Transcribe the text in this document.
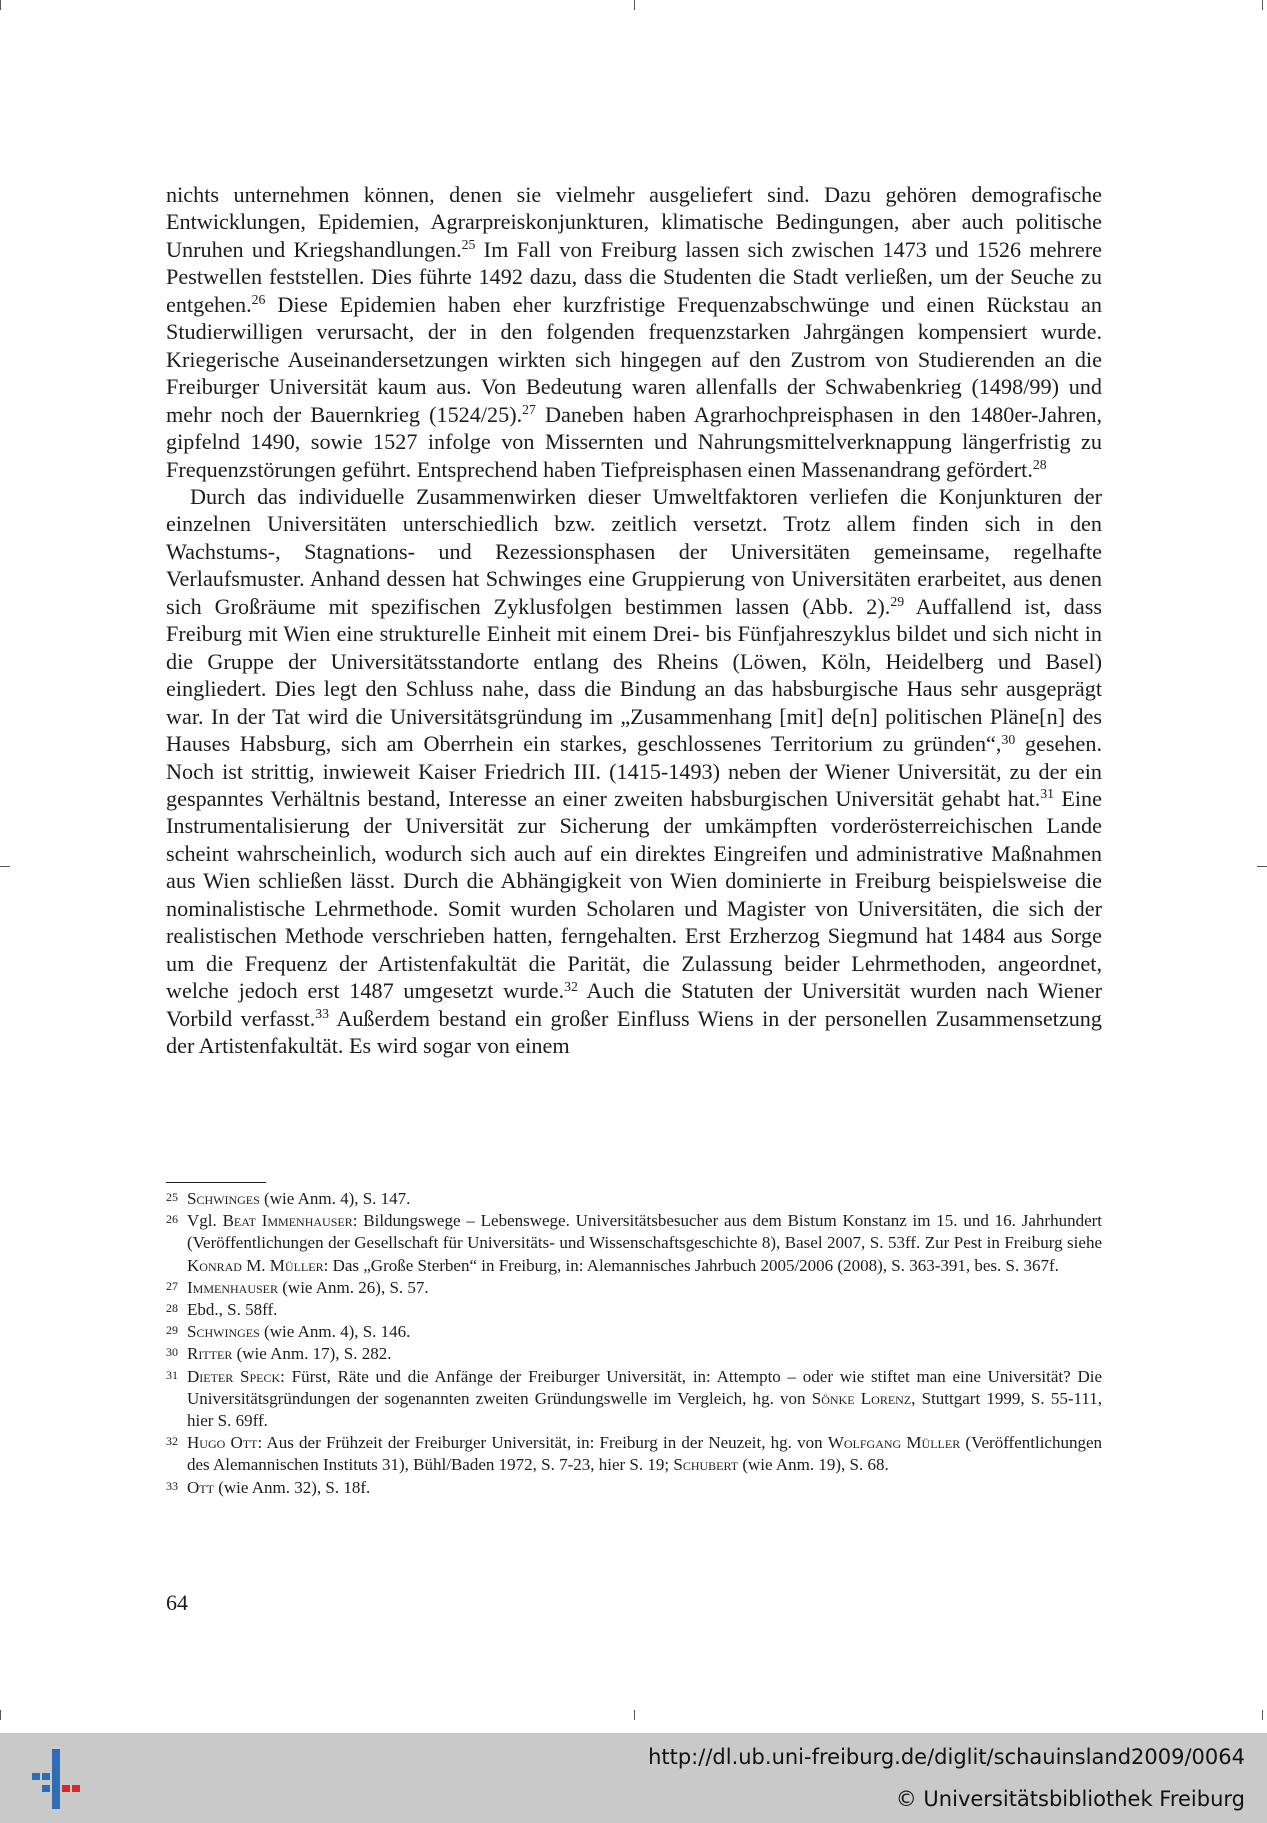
nichts unternehmen können, denen sie vielmehr ausgeliefert sind. Dazu gehören demografische Entwicklungen, Epidemien, Agrarpreiskonjunkturen, klimatische Bedingungen, aber auch politische Unruhen und Kriegshandlungen.$^{25}$ Im Fall von Freiburg lassen sich zwischen 1473 und 1526 mehrere Pestwellen feststellen. Dies führte 1492 dazu, dass die Studenten die Stadt verließen, um der Seuche zu entgehen.$^{26}$ Diese Epidemien haben eher kurzfristige Frequenzabschwünge und einen Rückstau an Studierwilligen verursacht, der in den folgenden frequenzstarken Jahrgängen kompensiert wurde. Kriegerische Auseinandersetzungen wirkten sich hingegen auf den Zustrom von Studierenden an die Freiburger Universität kaum aus. Von Bedeutung waren allenfalls der Schwabenkrieg (1498/99) und mehr noch der Bauernkrieg (1524/25).$^{27}$ Daneben haben Agrarhochpreisphasen in den 1480er-Jahren, gipfelnd 1490, sowie 1527 infolge von Missernten und Nahrungsmittelverknappung längerfristig zu Frequenzstörungen geführt. Entsprechend haben Tiefpreisphasen einen Massenandrang gefördert.$^{28}$

Durch das individuelle Zusammenwirken dieser Umweltfaktoren verliefen die Konjunkturen der einzelnen Universitäten unterschiedlich bzw. zeitlich versetzt. Trotz allem finden sich in den Wachstums-, Stagnations- und Rezessionsphasen der Universitäten gemeinsame, regelhafte Verlaufsmuster. Anhand dessen hat Schwinges eine Gruppierung von Universitäten erarbeitet, aus denen sich Großräume mit spezifischen Zyklusfolgen bestimmen lassen (Abb. 2).$^{29}$ Auffallend ist, dass Freiburg mit Wien eine strukturelle Einheit mit einem Drei- bis Fünfjahreszyklus bildet und sich nicht in die Gruppe der Universitätsstandorte entlang des Rheins (Löwen, Köln, Heidelberg und Basel) eingliedert. Dies legt den Schluss nahe, dass die Bindung an das habsburgische Haus sehr ausgeprägt war. In der Tat wird die Universitätsgründung im „Zusammenhang [mit] de[n] politischen Pläne[n] des Hauses Habsburg, sich am Oberrhein ein starkes, geschlossenes Territorium zu gründen“,$^{30}$ gesehen. Noch ist strittig, inwieweit Kaiser Friedrich III. (1415-1493) neben der Wiener Universität, zu der ein gespanntes Verhältnis bestand, Interesse an einer zweiten habsburgischen Universität gehabt hat.$^{31}$ Eine Instrumentalisierung der Universität zur Sicherung der umkämpften vorderösterreichischen Lande scheint wahrscheinlich, wodurch sich auch auf ein direktes Eingreifen und administrative Maßnahmen aus Wien schließen lässt. Durch die Abhängigkeit von Wien dominierte in Freiburg beispielsweise die nominalistische Lehrmethode. Somit wurden Scholaren und Magister von Universitäten, die sich der realistischen Methode verschrieben hatten, ferngehalten. Erst Erzherzog Siegmund hat 1484 aus Sorge um die Frequenz der Artistenfakultät die Parität, die Zulassung beider Lehrmethoden, angeordnet, welche jedoch erst 1487 umgesetzt wurde.$^{32}$ Auch die Statuten der Universität wurden nach Wiener Vorbild verfasst.$^{33}$ Außerdem bestand ein großer Einfluss Wiens in der personellen Zusammensetzung der Artistenfakultät. Es wird sogar von einem

25 Schwinges (wie Anm. 4), S. 147.
26 Vgl. Beat Immenhauser: Bildungswege – Lebenswege. Universitätsbesucher aus dem Bistum Konstanz im 15. und 16. Jahrhundert (Veröffentlichungen der Gesellschaft für Universitäts- und Wissenschaftsgeschichte 8), Basel 2007, S. 53ff. Zur Pest in Freiburg siehe Konrad M. Müller: Das „Große Sterben“ in Freiburg, in: Alemannisches Jahrbuch 2005/2006 (2008), S. 363-391, bes. S. 367f.
27 Immenhauser (wie Anm. 26), S. 57.
28 Ebd., S. 58ff.
29 Schwinges (wie Anm. 4), S. 146.
30 Ritter (wie Anm. 17), S. 282.
31 Dieter Speck: Fürst, Räte und die Anfänge der Freiburger Universität, in: Attempto – oder wie stiftet man eine Universität? Die Universitätsgründungen der sogenannten zweiten Gründungswelle im Vergleich, hg. von Sönke Lorenz, Stuttgart 1999, S. 55-111, hier S. 69ff.
32 Hugo Ott: Aus der Frühzeit der Freiburger Universität, in: Freiburg in der Neuzeit, hg. von Wolfgang Müller (Veröffentlichungen des Alemannischen Instituts 31), Bühl/Baden 1972, S. 7-23, hier S. 19; Schubert (wie Anm. 19), S. 68.
33 Ott (wie Anm. 32), S. 18f.
64
http://dl.ub.uni-freiburg.de/diglit/schauinsland2009/0064
© Universitätsbibliothek Freiburg
